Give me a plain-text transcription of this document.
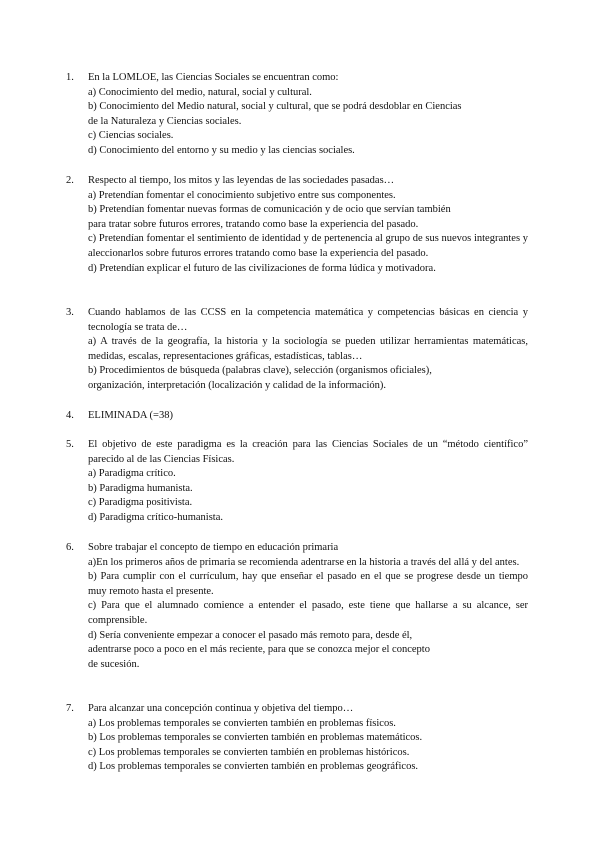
1. En la LOMLOE, las Ciencias Sociales se encuentran como:
a) Conocimiento del medio, natural, social y cultural.
b) Conocimiento del Medio natural, social y cultural, que se podrá desdoblar en Ciencias
de la Naturaleza y Ciencias sociales.
c) Ciencias sociales.
d) Conocimiento del entorno y su medio y las ciencias sociales.
2. Respecto al tiempo, los mitos y las leyendas de las sociedades pasadas…
a) Pretendían fomentar el conocimiento subjetivo entre sus componentes.
b) Pretendían fomentar nuevas formas de comunicación y de ocio que servían también
para tratar sobre futuros errores, tratando como base la experiencia del pasado.
c) Pretendían fomentar el sentimiento de identidad y de pertenencia al grupo de sus nuevos integrantes y aleccionarlos sobre futuros errores tratando como base la experiencia del pasado.
d) Pretendían explicar el futuro de las civilizaciones de forma lúdica y motivadora.
3. Cuando hablamos de las CCSS en la competencia matemática y competencias básicas en ciencia y tecnología se trata de…
a) A través de la geografía, la historia y la sociología se pueden utilizar herramientas matemáticas, medidas, escalas, representaciones gráficas, estadísticas, tablas…
b) Procedimientos de búsqueda (palabras clave), selección (organismos oficiales),
organización, interpretación (localización y calidad de la información).
4. ELIMINADA (=38)
5. El objetivo de este paradigma es la creación para las Ciencias Sociales de un “método científico” parecido al de las Ciencias Físicas.
a) Paradigma crítico.
b) Paradigma humanista.
c) Paradigma positivista.
d) Paradigma crítico-humanista.
6. Sobre trabajar el concepto de tiempo en educación primaria
a)En los primeros años de primaria se recomienda adentrarse en la historia a través del allá y del antes.
b) Para cumplir con el currículum, hay que enseñar el pasado en el que se progrese desde un tiempo muy remoto hasta el presente.
c) Para que el alumnado comience a entender el pasado, este tiene que hallarse a su alcance, ser comprensible.
d) Sería conveniente empezar a conocer el pasado más remoto para, desde él,
adentrarse poco a poco en el más reciente, para que se conozca mejor el concepto
de sucesión.
7. Para alcanzar una concepción continua y objetiva del tiempo…
a) Los problemas temporales se convierten también en problemas físicos.
b) Los problemas temporales se convierten también en problemas matemáticos.
c) Los problemas temporales se convierten también en problemas históricos.
d) Los problemas temporales se convierten también en problemas geográficos.
